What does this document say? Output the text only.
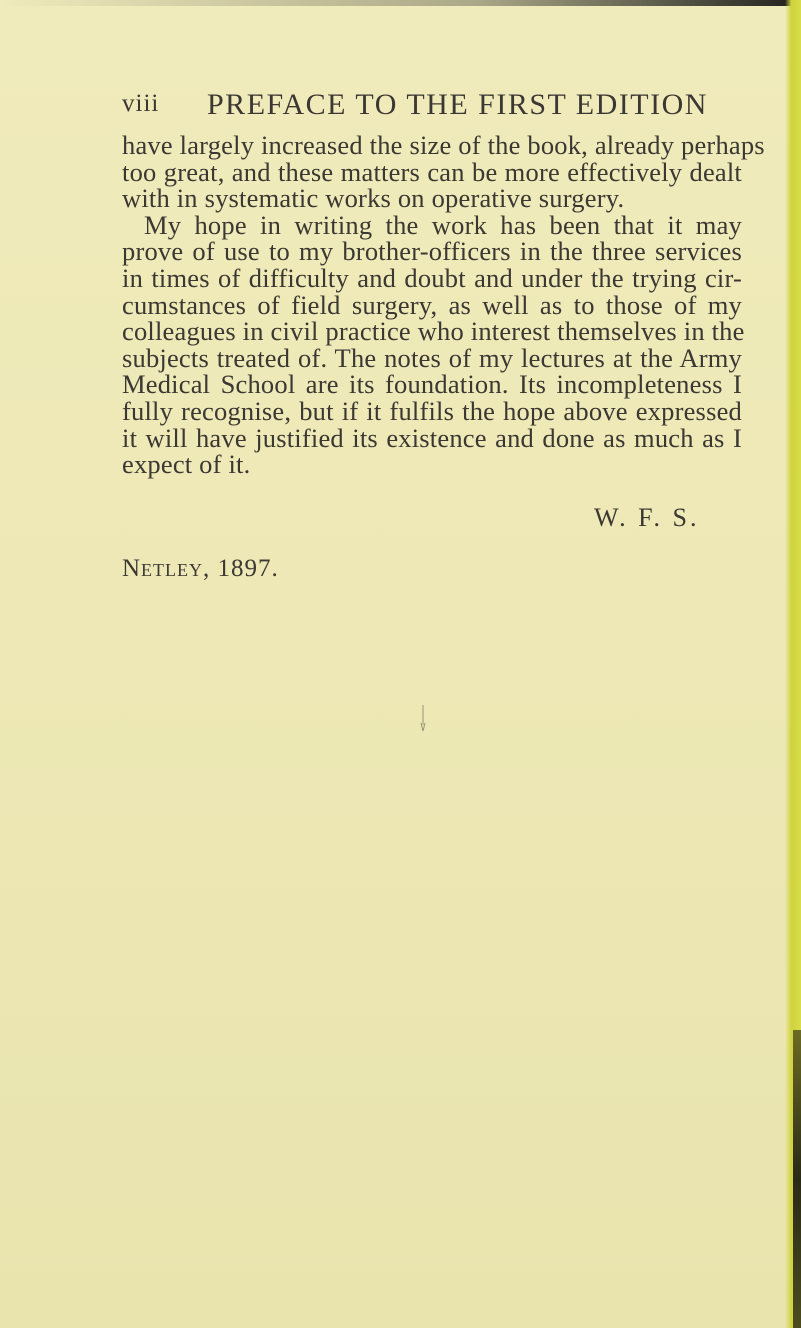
viii PREFACE TO THE FIRST EDITION
have largely increased the size of the book, already perhaps
too great, and these matters can be more effectively dealt
with in systematic works on operative surgery.
My hope in writing the work has been that it may
prove of use to my brother-officers in the three services
in times of difficulty and doubt and under the trying cir-
cumstances of field surgery, as well as to those of my
colleagues in civil practice who interest themselves in the
subjects treated of. The notes of my lectures at the Army
Medical School are its foundation. Its incompleteness I
fully recognise, but if it fulfils the hope above expressed
it will have justified its existence and done as much as I
expect of it.
W. F. S.
Netley, 1897.
